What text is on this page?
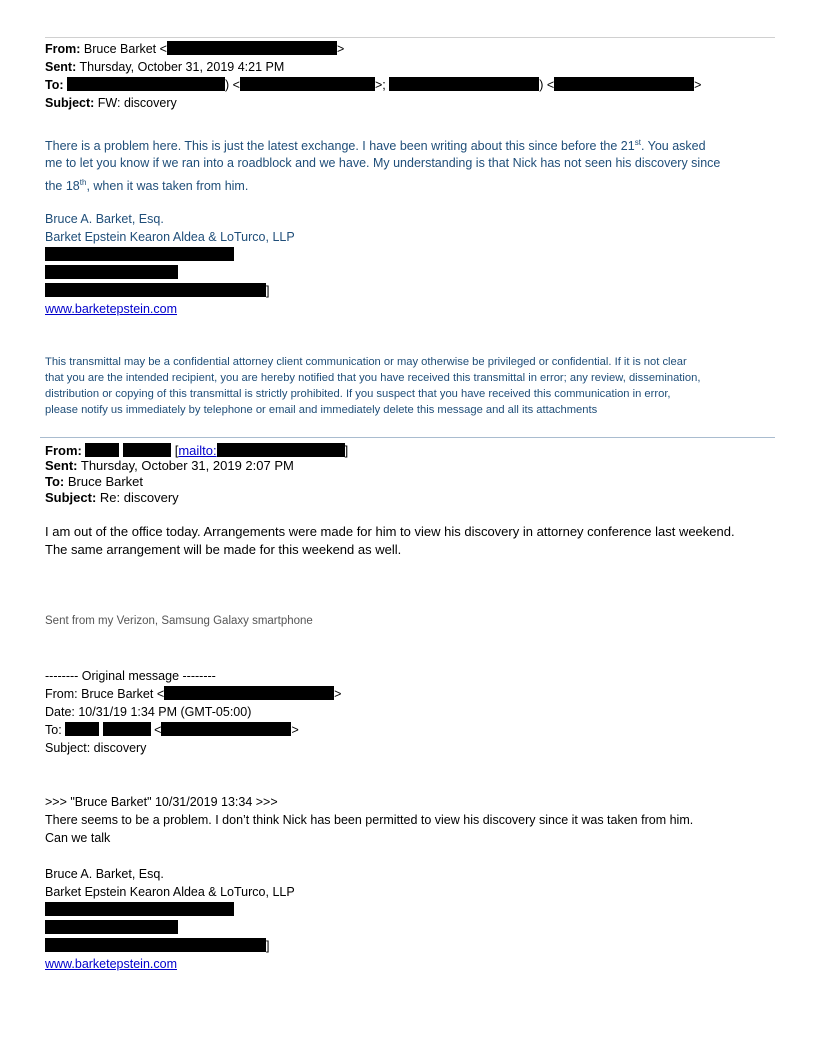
From: Bruce Barket <	>
Sent: Thursday, October 31, 2019 4:21 PM
To:	) <	>;	) <	>
Subject: FW: discovery
There is a problem here. This is just the latest exchange. I have been writing about this since before the 21st. You asked
me to let you know if we ran into a roadblock and we have. My understanding is that Nick has not seen his discovery since
the 18th, when it was taken from him.
Bruce A. Barket, Esq.
Barket Epstein Kearon Aldea & LoTurco, LLP
]
www.barketepstein.com
This transmittal may be a confidential attorney client communication or may otherwise be privileged or confidential. If it is not clear
that you are the intended recipient, you are hereby notified that you have received this transmittal in error; any review, dissemination,
distribution or copying of this transmittal is strictly prohibited. If you suspect that you have received this communication in error,
please notify us immediately by telephone or email and immediately delete this message and all its attachments
From:	[mailto:	]
Sent: Thursday, October 31, 2019 2:07 PM
To: Bruce Barket
Subject: Re: discovery
I am out of the office today. Arrangements were made for him to view his discovery in attorney conference last weekend.
The same arrangement will be made for this weekend as well.
Sent from my Verizon, Samsung Galaxy smartphone
-------- Original message --------
From: Bruce Barket <	>
Date: 10/31/19 1:34 PM (GMT-05:00)
To:	<	>
Subject: discovery
>>> "Bruce Barket" 10/31/2019 13:34 >>>
There seems to be a problem. I don’t think Nick has been permitted to view his discovery since it was taken from him.
Can we talk
Bruce A. Barket, Esq.
Barket Epstein Kearon Aldea & LoTurco, LLP
]
www.barketepstein.com
